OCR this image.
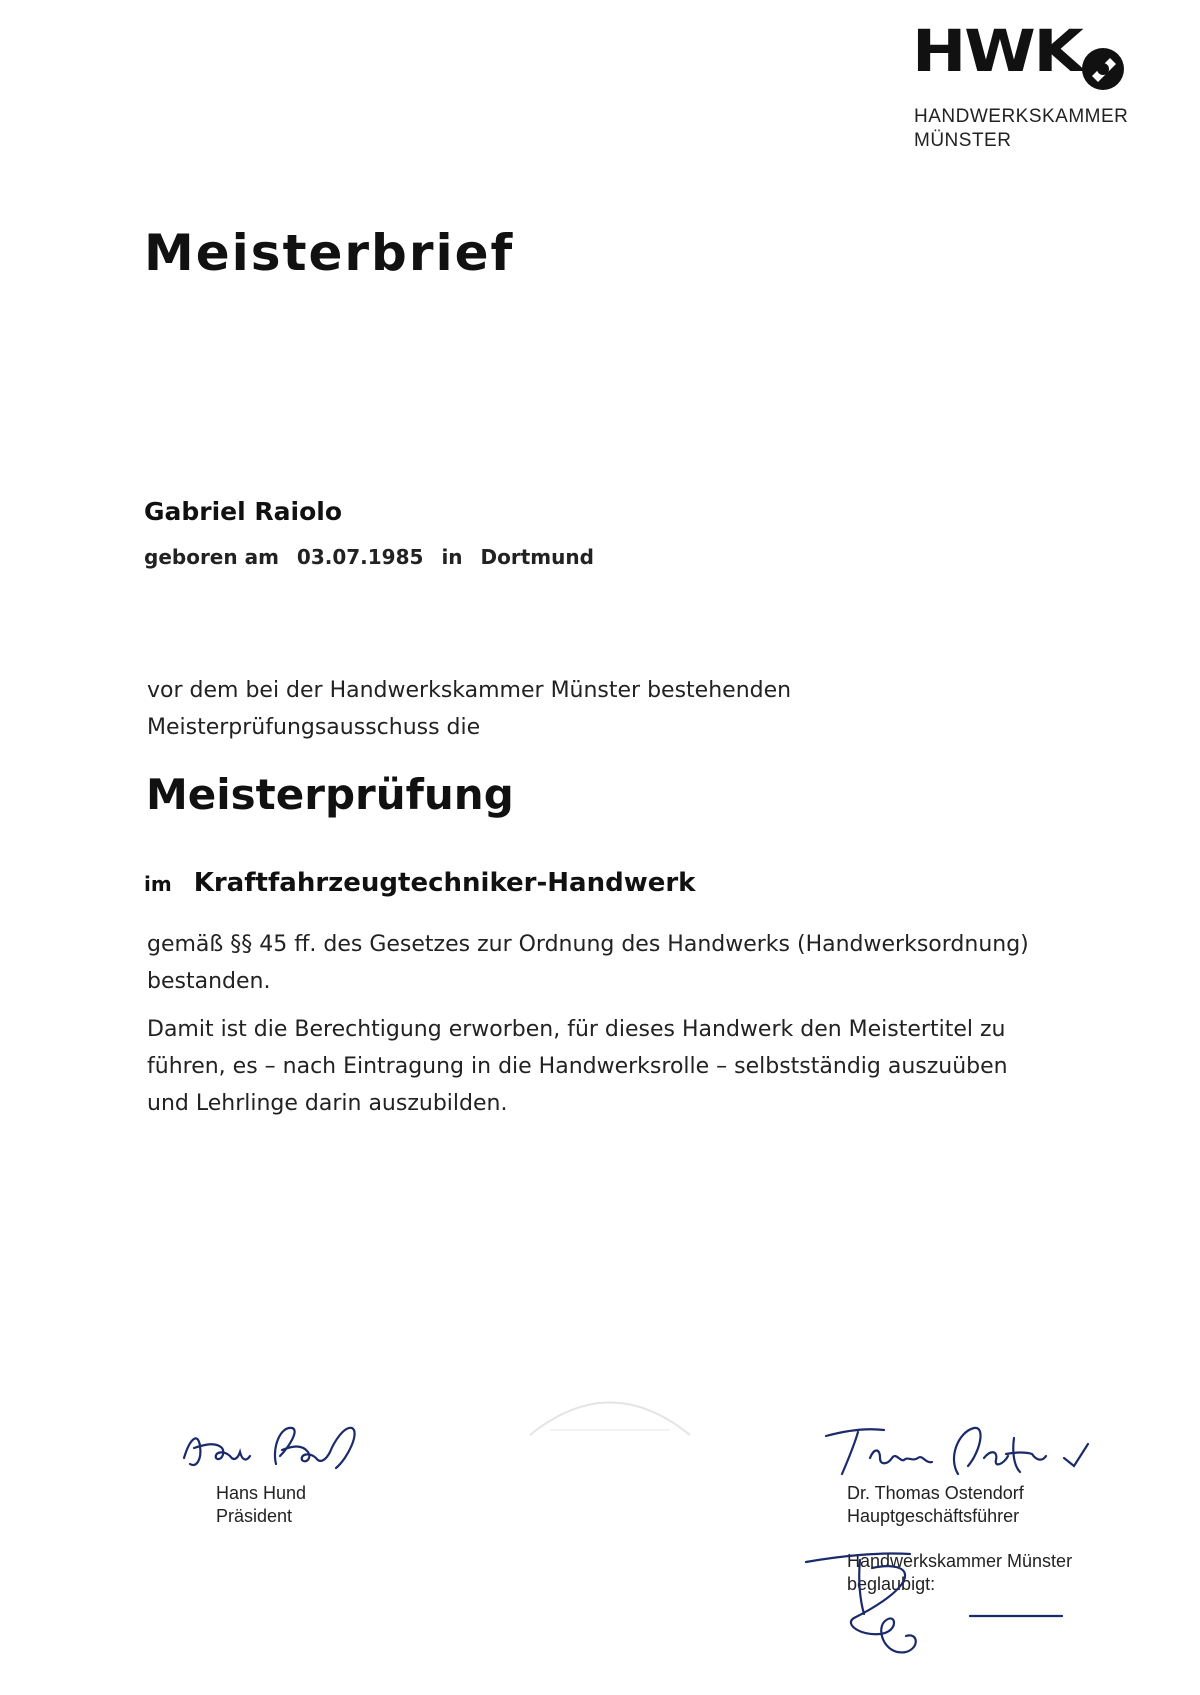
HWK
HANDWERKSKAMMER
MÜNSTER
Meisterbrief
Gabriel Raiolo
geboren am 03.07.1985 in Dortmund
vor dem bei der Handwerkskammer Münster bestehenden
Meisterprüfungsausschuss die
Meisterprüfung
im Kraftfahrzeugtechniker-Handwerk
gemäß §§ 45 ff. des Gesetzes zur Ordnung des Handwerks (Handwerksordnung)
bestanden.
Damit ist die Berechtigung erworben, für dieses Handwerk den Meistertitel zu
führen, es – nach Eintragung in die Handwerksrolle – selbstständig auszuüben
und Lehrlinge darin auszubilden.
Hans Hund
Präsident
Dr. Thomas Ostendorf
Hauptgeschäftsführer
Handwerkskammer Münster
beglaubigt:
